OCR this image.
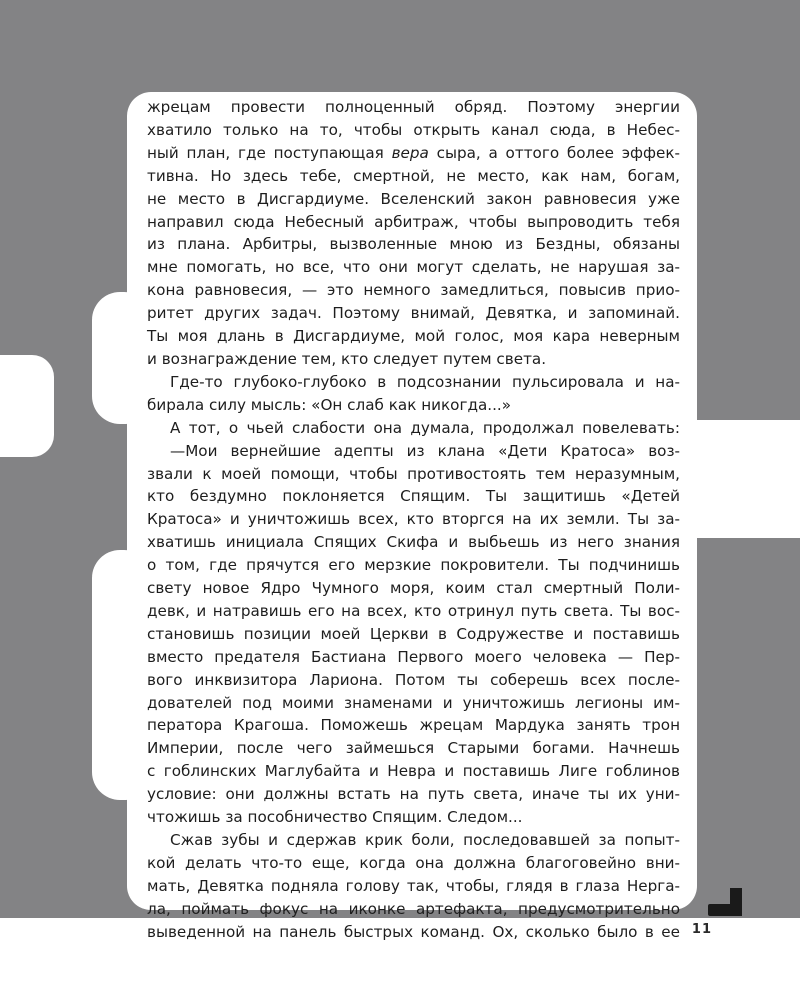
жрецам провести полноценный обряд. Поэтому энергии
хватило только на то, чтобы открыть канал сюда, в Небес-
ный план, где поступающая вера сыра, а оттого более эффек-
тивна. Но здесь тебе, смертной, не место, как нам, богам,
не место в Дисгардиуме. Вселенский закон равновесия уже
направил сюда Небесный арбитраж, чтобы выпроводить тебя
из плана. Арбитры, вызволенные мною из Бездны, обязаны
мне помогать, но все, что они могут сделать, не нарушая за-
кона равновесия, — это немного замедлиться, повысив прио-
ритет других задач. Поэтому внимай, Девятка, и запоминай.
Ты моя длань в Дисгардиуме, мой голос, моя кара неверным
и вознаграждение тем, кто следует путем света.
Где-то глубоко-глубоко в подсознании пульсировала и на-
бирала силу мысль: «Он слаб как никогда...»
А тот, о чьей слабости она думала, продолжал повелевать:
—Мои вернейшие адепты из клана «Дети Кратоса» воз-
звали к моей помощи, чтобы противостоять тем неразумным,
кто бездумно поклоняется Спящим. Ты защитишь «Детей
Кратоса» и уничтожишь всех, кто вторгся на их земли. Ты за-
хватишь инициала Спящих Скифа и выбьешь из него знания
о том, где прячутся его мерзкие покровители. Ты подчинишь
свету новое Ядро Чумного моря, коим стал смертный Поли-
девк, и натравишь его на всех, кто отринул путь света. Ты вос-
становишь позиции моей Церкви в Содружестве и поставишь
вместо предателя Бастиана Первого моего человека — Пер-
вого инквизитора Лариона. Потом ты соберешь всех после-
дователей под моими знаменами и уничтожишь легионы им-
ператора Крагоша. Поможешь жрецам Мардука занять трон
Империи, после чего займешься Старыми богами. Начнешь
с гоблинских Маглубайта и Невра и поставишь Лиге гоблинов
условие: они должны встать на путь света, иначе ты их уни-
чтожишь за пособничество Спящим. Следом...
Сжав зубы и сдержав крик боли, последовавшей за попыт-
кой делать что-то еще, когда она должна благоговейно вни-
мать, Девятка подняла голову так, чтобы, глядя в глаза Нерга-
ла, поймать фокус на иконке артефакта, предусмотрительно
выведенной на панель быстрых команд. Ох, сколько было в ее 11
